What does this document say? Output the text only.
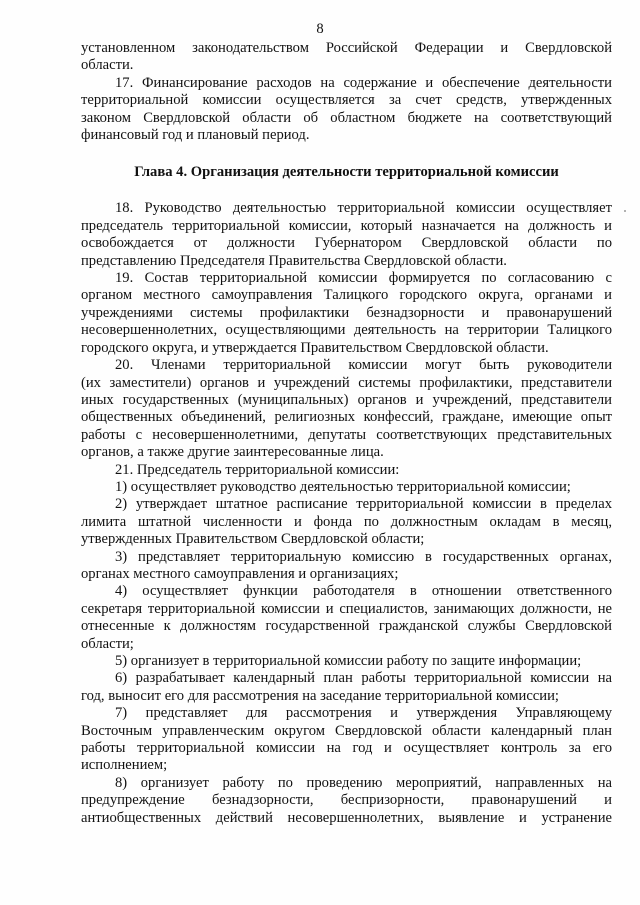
8

установленном законодательством Российской Федерации и Свердловской

области.

17. Финансирование расходов на содержание и обеспечение деятельности

территориальной комиссии осуществляется за счет средств, утвержденных

законом Свердловской области об областном бюджете на соответствующий

финансовый год и плановый период.

Глава 4. Организация деятельности территориальной комиссии

18. Руководство деятельностью территориальной комиссии осуществляет

председатель территориальной комиссии, который назначается на должность и

освобождается от должности Губернатором Свердловской области по

представлению Председателя Правительства Свердловской области.

19. Состав территориальной комиссии формируется по согласованию с

органом местного самоуправления Талицкого городского округа, органами и

учреждениями системы профилактики безнадзорности и правонарушений

несовершеннолетних, осуществляющими деятельность на территории Талицкого

городского округа, и утверждается Правительством Свердловской области.

20. Членами территориальной комиссии могут быть руководители

(их заместители) органов и учреждений системы профилактики, представители

иных государственных (муниципальных) органов и учреждений, представители

общественных объединений, религиозных конфессий, граждане, имеющие опыт

работы с несовершеннолетними, депутаты соответствующих представительных

органов, а также другие заинтересованные лица.

21. Председатель территориальной комиссии:

1) осуществляет руководство деятельностью территориальной комиссии;

2) утверждает штатное расписание территориальной комиссии в пределах

лимита штатной численности и фонда по должностным окладам в месяц,

утвержденных Правительством Свердловской области;

3) представляет территориальную комиссию в государственных органах,

органах местного самоуправления и организациях;

4) осуществляет функции работодателя в отношении ответственного

секретаря территориальной комиссии и специалистов, занимающих должности, не

отнесенные к должностям государственной гражданской службы Свердловской

области;

5) организует в территориальной комиссии работу по защите информации;

6) разрабатывает календарный план работы территориальной комиссии на

год, выносит его для рассмотрения на заседание территориальной комиссии;

7) представляет для рассмотрения и утверждения Управляющему

Восточным управленческим округом Свердловской области календарный план

работы территориальной комиссии на год и осуществляет контроль за его

исполнением;

8) организует работу по проведению мероприятий, направленных на

предупреждение безнадзорности, беспризорности, правонарушений и

антиобщественных действий несовершеннолетних, выявление и устранение
